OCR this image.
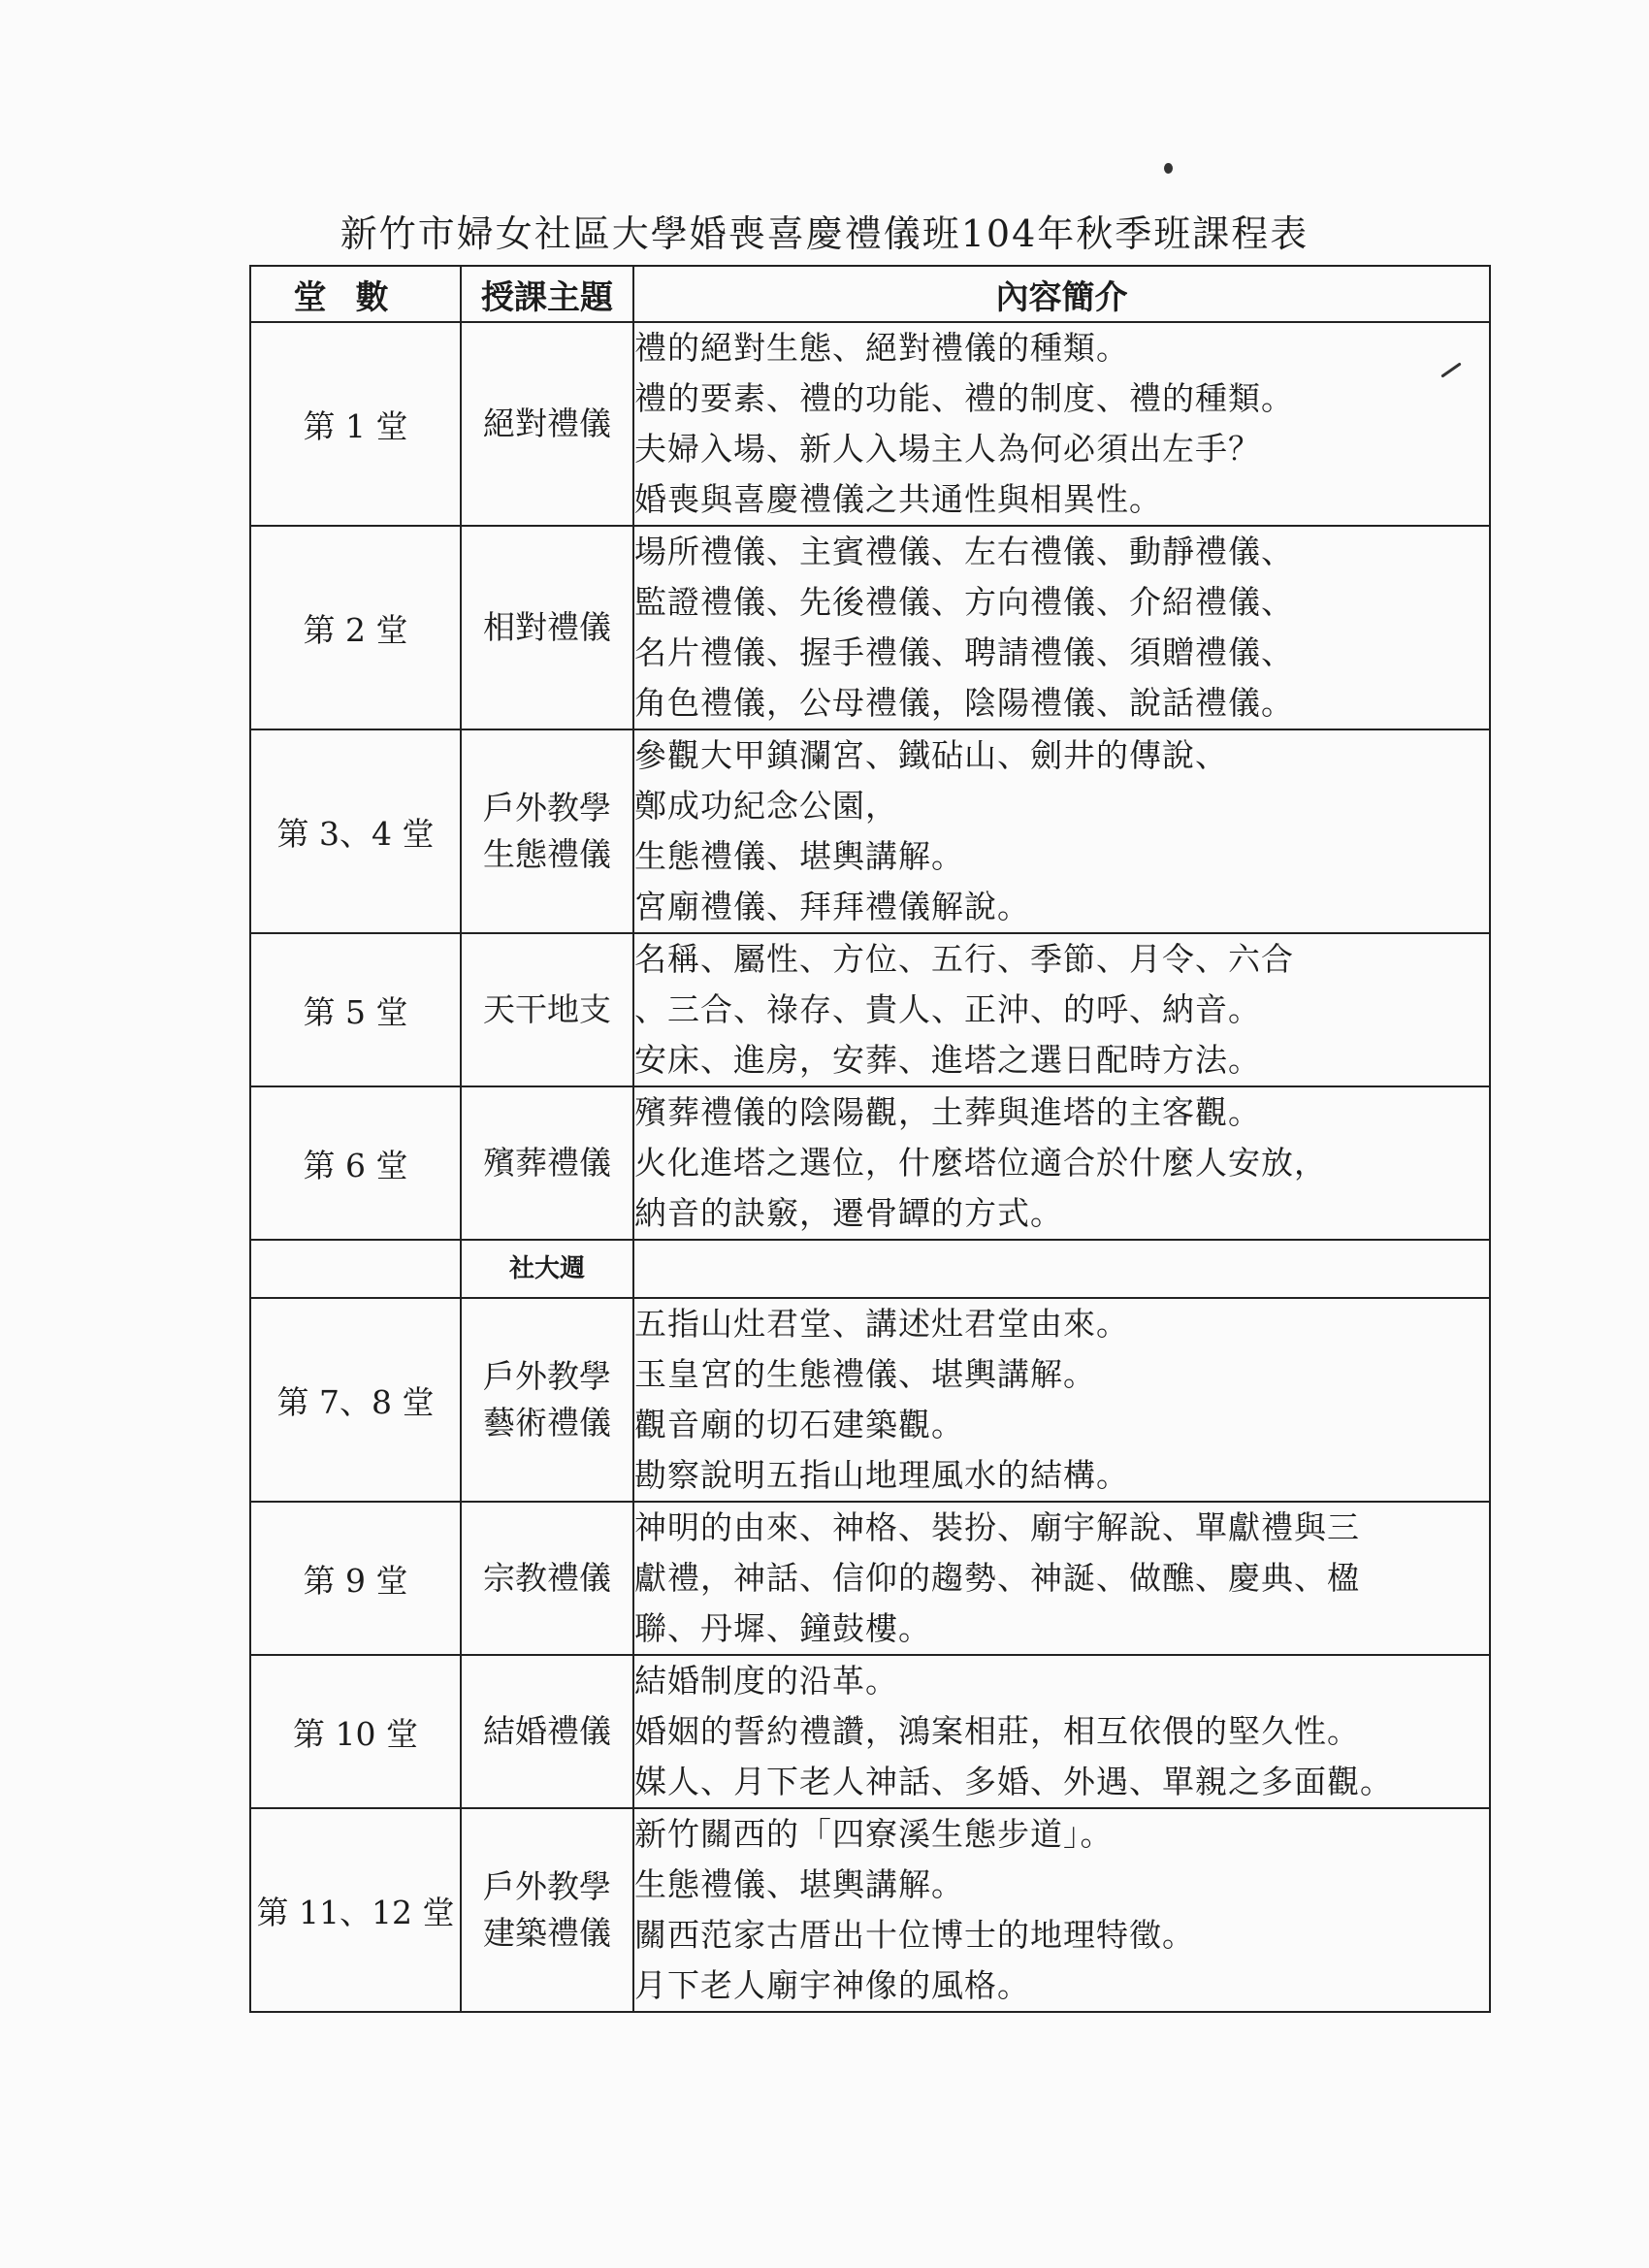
新竹市婦女社區大學婚喪喜慶禮儀班104年秋季班課程表
堂數	授課主題	內容簡介
第 1 堂	絕對禮儀	禮的絕對生態、絕對禮儀的種類。
禮的要素、禮的功能、禮的制度、禮的種類。
夫婦入場、新人入場主人為何必須出左手？
婚喪與喜慶禮儀之共通性與相異性。

第 2 堂	相對禮儀	場所禮儀、主賓禮儀、左右禮儀、動靜禮儀、
監證禮儀、先後禮儀、方向禮儀、介紹禮儀、
名片禮儀、握手禮儀、聘請禮儀、須贈禮儀、
角色禮儀，公母禮儀，陰陽禮儀、說話禮儀。

第 3、4 堂	戶外教學
生態禮儀	參觀大甲鎮瀾宮、鐵砧山、劍井的傳說、
鄭成功紀念公園，
生態禮儀、堪輿講解。
宮廟禮儀、拜拜禮儀解說。

第 5 堂	天干地支	名稱、屬性、方位、五行、季節、月令、六合
、三合、祿存、貴人、正沖、的呼、納音。
安床、進房，安葬、進塔之選日配時方法。

第 6 堂	殯葬禮儀	殯葬禮儀的陰陽觀，土葬與進塔的主客觀。
火化進塔之選位，什麼塔位適合於什麼人安放，
納音的訣竅，遷骨罈的方式。

	社大週	

第 7、8 堂	戶外教學
藝術禮儀	五指山灶君堂、講述灶君堂由來。
玉皇宮的生態禮儀、堪輿講解。
觀音廟的切石建築觀。
勘察說明五指山地理風水的結構。

第 9 堂	宗教禮儀	神明的由來、神格、裝扮、廟宇解說、單獻禮與三
獻禮，神話、信仰的趨勢、神誕、做醮、慶典、楹
聯、丹墀、鐘鼓樓。

第 10 堂	結婚禮儀	結婚制度的沿革。
婚姻的誓約禮讚，鴻案相莊，相互依偎的堅久性。
媒人、月下老人神話、多婚、外遇、單親之多面觀。

第 11、12 堂	戶外教學
建築禮儀	新竹關西的「四寮溪生態步道」。
生態禮儀、堪輿講解。
關西范家古厝出十位博士的地理特徵。
月下老人廟宇神像的風格。
